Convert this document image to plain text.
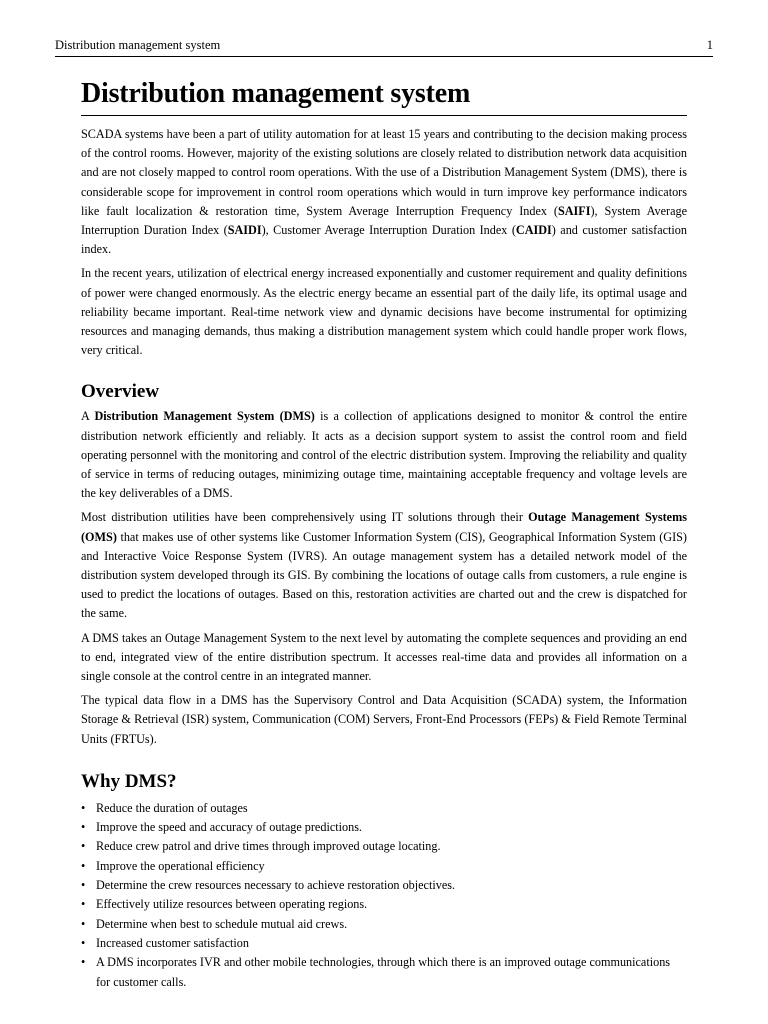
Distribution management system	1
Distribution management system

SCADA systems have been a part of utility automation for at least 15 years and contributing to the decision making process of the control rooms. However, majority of the existing solutions are closely related to distribution network data acquisition and are not closely mapped to control room operations. With the use of a Distribution Management System (DMS), there is considerable scope for improvement in control room operations which would in turn improve key performance indicators like fault localization & restoration time, System Average Interruption Frequency Index (SAIFI), System Average Interruption Duration Index (SAIDI), Customer Average Interruption Duration Index (CAIDI) and customer satisfaction index.

In the recent years, utilization of electrical energy increased exponentially and customer requirement and quality definitions of power were changed enormously. As the electric energy became an essential part of the daily life, its optimal usage and reliability became important. Real-time network view and dynamic decisions have become instrumental for optimizing resources and managing demands, thus making a distribution management system which could handle proper work flows, very critical.

Overview

A Distribution Management System (DMS) is a collection of applications designed to monitor & control the entire distribution network efficiently and reliably. It acts as a decision support system to assist the control room and field operating personnel with the monitoring and control of the electric distribution system. Improving the reliability and quality of service in terms of reducing outages, minimizing outage time, maintaining acceptable frequency and voltage levels are the key deliverables of a DMS.

Most distribution utilities have been comprehensively using IT solutions through their Outage Management Systems (OMS) that makes use of other systems like Customer Information System (CIS), Geographical Information System (GIS) and Interactive Voice Response System (IVRS). An outage management system has a detailed network model of the distribution system developed through its GIS. By combining the locations of outage calls from customers, a rule engine is used to predict the locations of outages. Based on this, restoration activities are charted out and the crew is dispatched for the same.

A DMS takes an Outage Management System to the next level by automating the complete sequences and providing an end to end, integrated view of the entire distribution spectrum. It accesses real-time data and provides all information on a single console at the control centre in an integrated manner.

The typical data flow in a DMS has the Supervisory Control and Data Acquisition (SCADA) system, the Information Storage & Retrieval (ISR) system, Communication (COM) Servers, Front-End Processors (FEPs) & Field Remote Terminal Units (FRTUs).

Why DMS?
• Reduce the duration of outages
• Improve the speed and accuracy of outage predictions.
• Reduce crew patrol and drive times through improved outage locating.
• Improve the operational efficiency
• Determine the crew resources necessary to achieve restoration objectives.
• Effectively utilize resources between operating regions.
• Determine when best to schedule mutual aid crews.
• Increased customer satisfaction
• A DMS incorporates IVR and other mobile technologies, through which there is an improved outage communications for customer calls.
